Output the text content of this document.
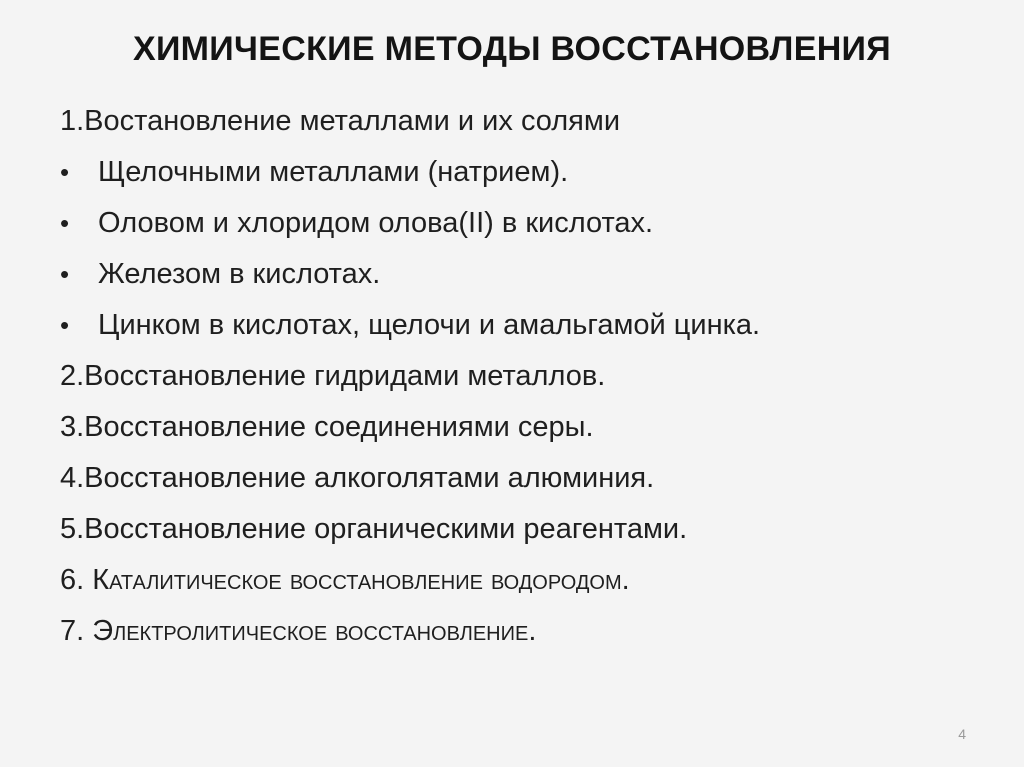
ХИМИЧЕСКИЕ МЕТОДЫ ВОССТАНОВЛЕНИЯ
1.Востановление металлами и их солями
• Щелочными металлами (натрием).
• Оловом и хлоридом олова(II) в кислотах.
• Железом в кислотах.
• Цинком в кислотах, щелочи и амальгамой цинка.
2.Восстановление гидридами металлов.
3.Восстановление соединениями серы.
4.Восстановление алкоголятами алюминия.
5.Восстановление органическими реагентами.
6. Каталитическое восстановление водородом.
7. Электролитическое восстановление.
4
